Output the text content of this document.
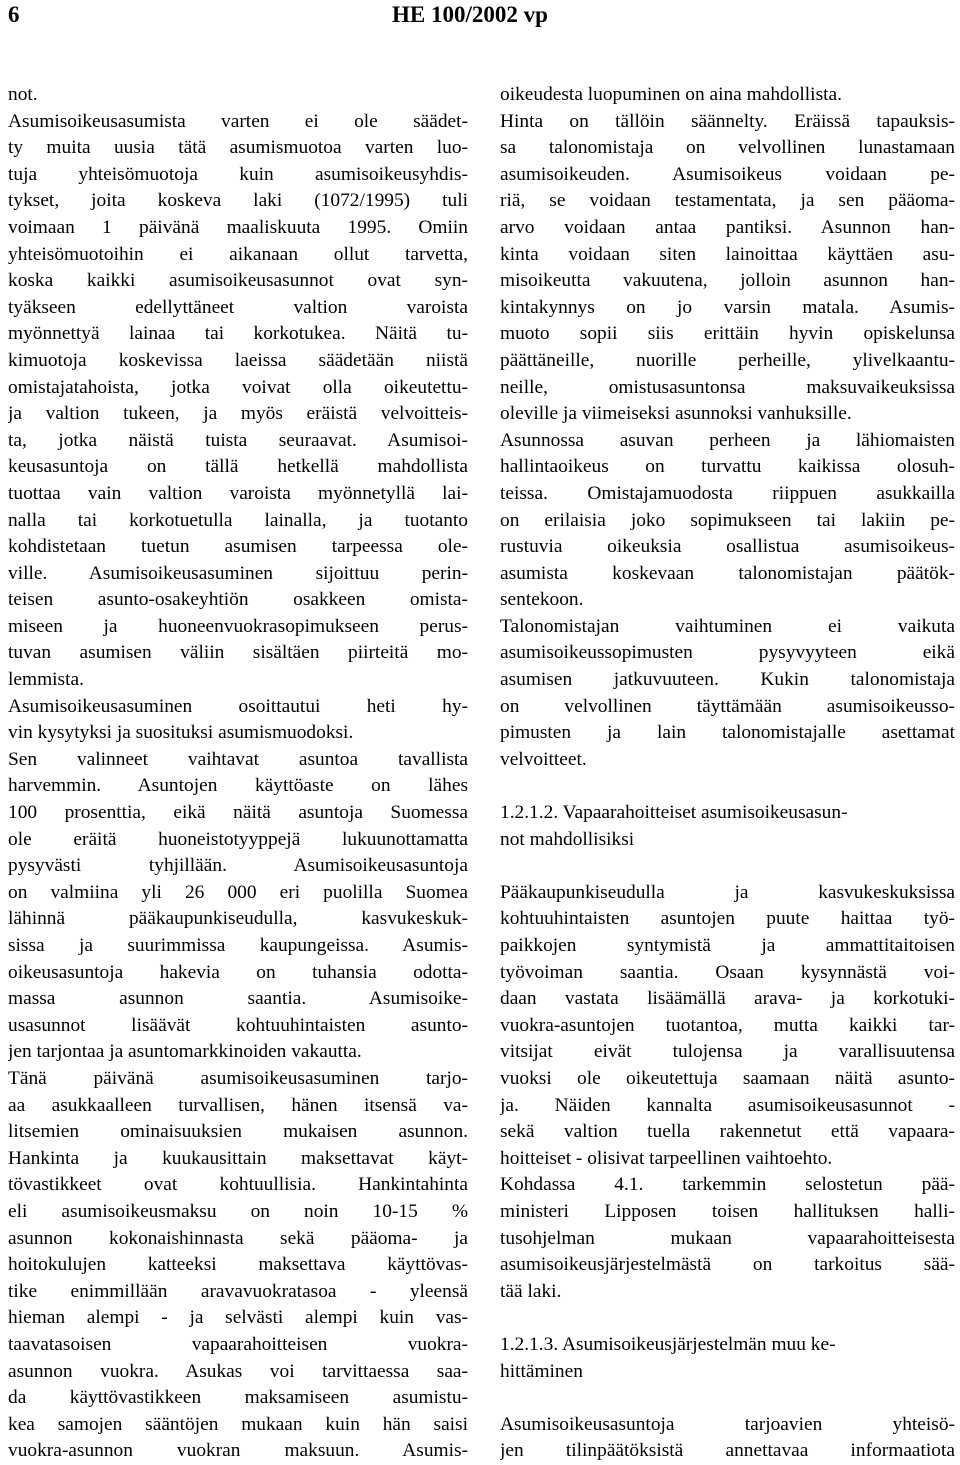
6	HE 100/2002 vp
not.
Asumisoikeusasumista varten ei ole säädet-
ty muita uusia tätä asumismuotoa varten luo-
tuja yhteisömuotoja kuin asumisoikeusyhdis-
tykset, joita koskeva laki (1072/1995) tuli
voimaan 1 päivänä maaliskuuta 1995. Omiin
yhteisömuotoihin ei aikanaan ollut tarvetta,
koska kaikki asumisoikeusasunnot ovat syn-
tyäkseen edellyttäneet valtion varoista
myönnettyä lainaa tai korkotukea. Näitä tu-
kimuotoja koskevissa laeissa säädetään niistä
omistajatahoista, jotka voivat olla oikeutettu-
ja valtion tukeen, ja myös eräistä velvoitteis-
ta, jotka näistä tuista seuraavat. Asumisoi-
keusasuntoja on tällä hetkellä mahdollista
tuottaa vain valtion varoista myönnetyllä lai-
nalla tai korkotuetulla lainalla, ja tuotanto
kohdistetaan tuetun asumisen tarpeessa ole-
ville. Asumisoikeusasuminen sijoittuu perin-
teisen asunto-osakeyhtiön osakkeen omista-
miseen ja huoneenvuokrasopimukseen perus-
tuvan asumisen väliin sisältäen piirteitä mo-
lemmista.
Asumisoikeusasuminen osoittautui heti hy-
vin kysytyksi ja suosituksi asumismuodoksi.
Sen valinneet vaihtavat asuntoa tavallista
harvemmin. Asuntojen käyttöaste on lähes
100 prosenttia, eikä näitä asuntoja Suomessa
ole eräitä huoneistotyyppejä lukuunottamatta
pysyvästi tyhjillään. Asumisoikeusasuntoja
on valmiina yli 26 000 eri puolilla Suomea
lähinnä pääkaupunkiseudulla, kasvukeskuk-
sissa ja suurimmissa kaupungeissa. Asumis-
oikeusasuntoja hakevia on tuhansia odotta-
massa asunnon saantia. Asumisoike-
usasunnot lisäävät kohtuuhintaisten asunto-
jen tarjontaa ja asuntomarkkinoiden vakautta.
Tänä päivänä asumisoikeusasuminen tarjo-
aa asukkaalleen turvallisen, hänen itsensä va-
litsemien ominaisuuksien mukaisen asunnon.
Hankinta ja kuukausittain maksettavat käyt-
tövastikkeet ovat kohtuullisia. Hankintahinta
eli asumisoikeusmaksu on noin 10-15 %
asunnon kokonaishinnasta sekä pääoma- ja
hoitokulujen katteeksi maksettava käyttövas-
tike enimmillään aravavuokratasoa - yleensä
hieman alempi - ja selvästi alempi kuin vas-
taavatasoisen vapaarahoitteisen vuokra-
asunnon vuokra. Asukas voi tarvittaessa saa-
da käyttövastikkeen maksamiseen asumistu-
kea samojen sääntöjen mukaan kuin hän saisi
vuokra-asunnon vuokran maksuun. Asumis-
oikeudesta luopuminen on aina mahdollista.
Hinta on tällöin säännelty. Eräissä tapauksis-
sa talonomistaja on velvollinen lunastamaan
asumisoikeuden. Asumisoikeus voidaan pe-
riä, se voidaan testamentata, ja sen pääoma-
arvo voidaan antaa pantiksi. Asunnon han-
kinta voidaan siten lainoittaa käyttäen asu-
misoikeutta vakuutena, jolloin asunnon han-
kintakynnys on jo varsin matala. Asumis-
muoto sopii siis erittäin hyvin opiskelunsa
päättäneille, nuorille perheille, ylivelkaantu-
neille, omistusasuntonsa maksuvaikeuksissa
oleville ja viimeiseksi asunnoksi vanhuksille.
Asunnossa asuvan perheen ja lähiomaisten
hallintaoikeus on turvattu kaikissa olosuh-
teissa. Omistajamuodosta riippuen asukkailla
on erilaisia joko sopimukseen tai lakiin pe-
rustuvia oikeuksia osallistua asumisoikeus-
asumista koskevaan talonomistajan päätök-
sentekoon.
Talonomistajan vaihtuminen ei vaikuta
asumisoikeussopimusten pysyvyyteen eikä
asumisen jatkuvuuteen. Kukin talonomistaja
on velvollinen täyttämään asumisoikeusso-
pimusten ja lain talonomistajalle asettamat
velvoitteet.
1.2.1.2. Vapaarahoitteiset asumisoikeusasun-
not mahdollisiksi
Pääkaupunkiseudulla ja kasvukeskuksissa
kohtuuhintaisten asuntojen puute haittaa työ-
paikkojen syntymistä ja ammattitaitoisen
työvoiman saantia. Osaan kysynnästä voi-
daan vastata lisäämällä arava- ja korkotuki-
vuokra-asuntojen tuotantoa, mutta kaikki tar-
vitsijat eivät tulojensa ja varallisuutensa
vuoksi ole oikeutettuja saamaan näitä asunto-
ja. Näiden kannalta asumisoikeusasunnot -
sekä valtion tuella rakennetut että vapaara-
hoitteiset - olisivat tarpeellinen vaihtoehto.
Kohdassa 4.1. tarkemmin selostetun pää-
ministeri Lipposen toisen hallituksen halli-
tusohjelman mukaan vapaarahoitteisesta
asumisoikeusjärjestelmästä on tarkoitus sää-
tää laki.
1.2.1.3. Asumisoikeusjärjestelmän muu ke-
hittäminen
Asumisoikeusasuntoja tarjoavien yhteisö-
jen tilinpäätöksistä annettavaa informaatiota
